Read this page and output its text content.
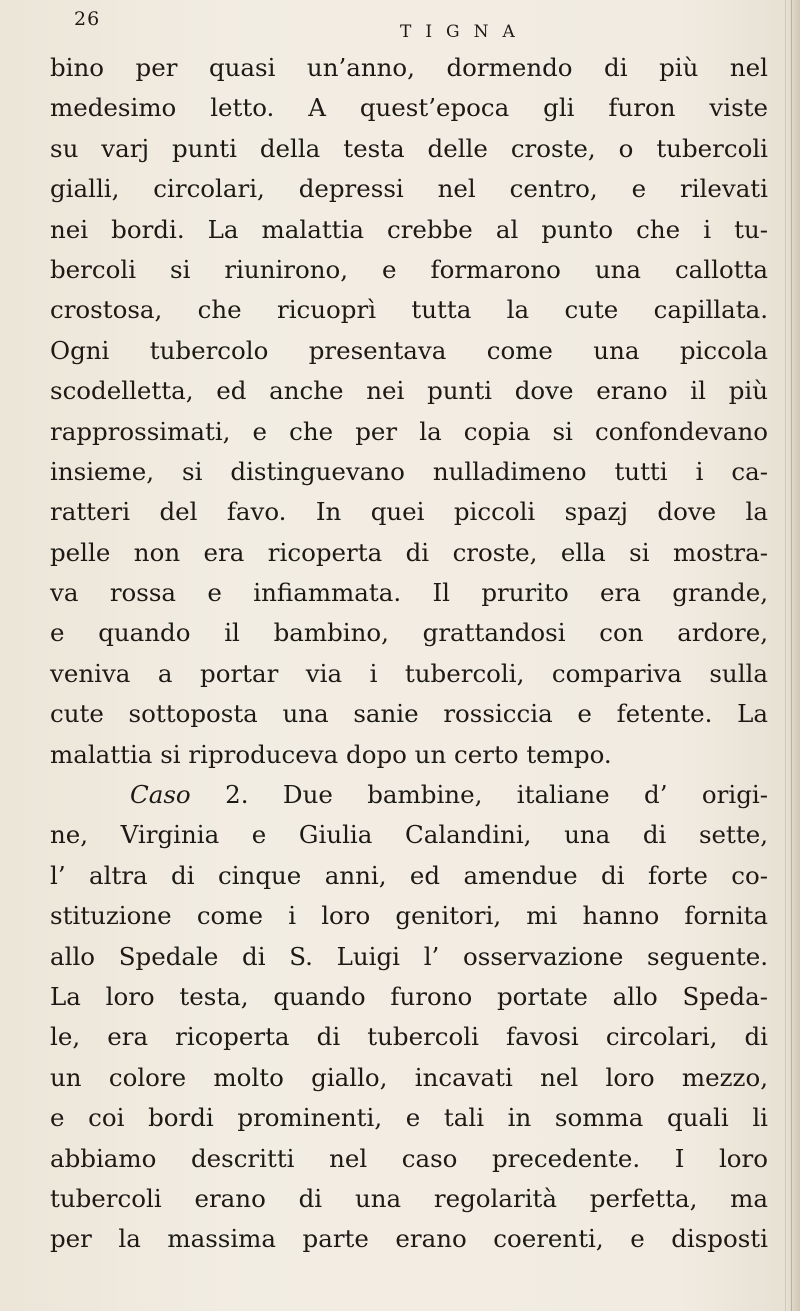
26
TIGNA
bino per quasi un’anno, dormendo di più nel
medesimo letto. A quest’epoca gli furon viste
su varj punti della testa delle croste, o tubercoli
gialli, circolari, depressi nel centro, e rilevati
nei bordi. La malattia crebbe al punto che i tu-
bercoli si riunirono, e formarono una callotta
crostosa, che ricuoprì tutta la cute capillata.
Ogni tubercolo presentava come una piccola
scodelletta, ed anche nei punti dove erano il più
rapprossimati, e che per la copia si confondevano
insieme, si distinguevano nulladimeno tutti i ca-
ratteri del favo. In quei piccoli spazj dove la
pelle non era ricoperta di croste, ella si mostra-
va rossa e infiammata. Il prurito era grande,
e quando il bambino, grattandosi con ardore,
veniva a portar via i tubercoli, compariva sulla
cute sottoposta una sanie rossiccia e fetente. La
malattia si riproduceva dopo un certo tempo.
Caso 2. Due bambine, italiane d’ origi-
ne, Virginia e Giulia Calandini, una di sette,
l’ altra di cinque anni, ed amendue di forte co-
stituzione come i loro genitori, mi hanno fornita
allo Spedale di S. Luigi l’ osservazione seguente.
La loro testa, quando furono portate allo Speda-
le, era ricoperta di tubercoli favosi circolari, di
un colore molto giallo, incavati nel loro mezzo,
e coi bordi prominenti, e tali in somma quali li
abbiamo descritti nel caso precedente. I loro
tubercoli erano di una regolarità perfetta, ma
per la massima parte erano coerenti, e disposti
